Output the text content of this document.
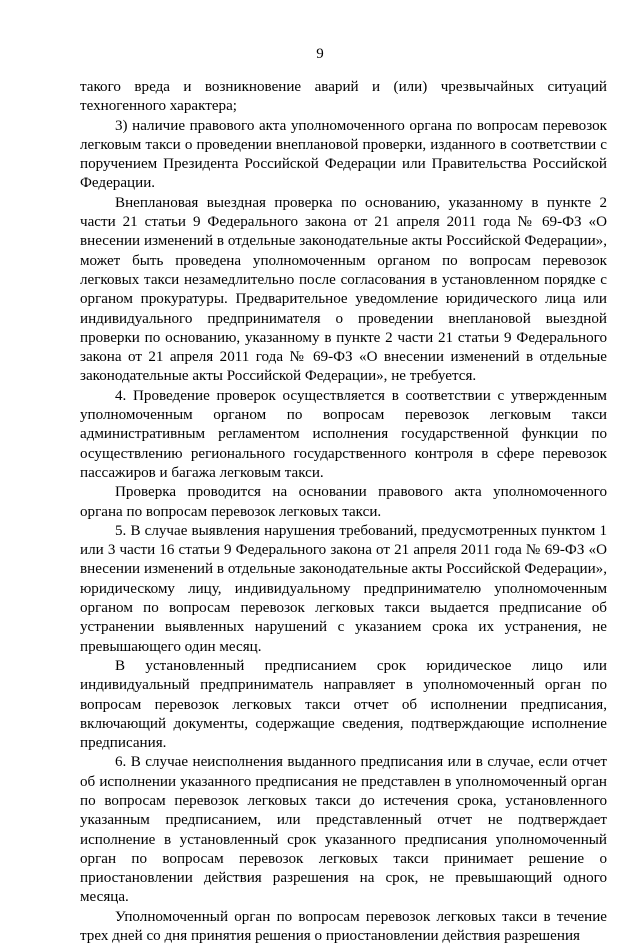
9

такого вреда и возникновение аварий и (или) чрезвычайных ситуаций техногенного характера;

3) наличие правового акта уполномоченного органа по вопросам перевозок легковым такси о проведении внеплановой проверки, изданного в соответствии с поручением Президента Российской Федерации или Правительства Российской Федерации.

Внеплановая выездная проверка по основанию, указанному в пункте 2 части 21 статьи 9 Федерального закона от 21 апреля 2011 года № 69-ФЗ «О внесении изменений в отдельные законодательные акты Российской Федерации», может быть проведена уполномоченным органом по вопросам перевозок легковых такси незамедлительно после согласования в установленном порядке с органом прокуратуры. Предварительное уведомление юридического лица или индивидуального предпринимателя о проведении внеплановой выездной проверки по основанию, указанному в пункте 2 части 21 статьи 9 Федерального закона от 21 апреля 2011 года № 69-ФЗ «О внесении изменений в отдельные законодательные акты Российской Федерации», не требуется.

4. Проведение проверок осуществляется в соответствии с утвержденным уполномоченным органом по вопросам перевозок легковым такси административным регламентом исполнения государственной функции по осуществлению регионального государственного контроля в сфере перевозок пассажиров и багажа легковым такси.

Проверка проводится на основании правового акта уполномоченного органа по вопросам перевозок легковых такси.

5. В случае выявления нарушения требований, предусмотренных пунктом 1 или 3 части 16 статьи 9 Федерального закона от 21 апреля 2011 года № 69-ФЗ «О внесении изменений в отдельные законодательные акты Российской Федерации», юридическому лицу, индивидуальному предпринимателю уполномоченным органом по вопросам перевозок легковых такси выдается предписание об устранении выявленных нарушений с указанием срока их устранения, не превышающего один месяц.

В установленный предписанием срок юридическое лицо или индивидуальный предприниматель направляет в уполномоченный орган по вопросам перевозок легковых такси отчет об исполнении предписания, включающий документы, содержащие сведения, подтверждающие исполнение предписания.

6. В случае неисполнения выданного предписания или в случае, если отчет об исполнении указанного предписания не представлен в уполномоченный орган по вопросам перевозок легковых такси до истечения срока, установленного указанным предписанием, или представленный отчет не подтверждает исполнение в установленный срок указанного предписания уполномоченный орган по вопросам перевозок легковых такси принимает решение о приостановлении действия разрешения на срок, не превышающий одного месяца.

Уполномоченный орган по вопросам перевозок легковых такси в течение трех дней со дня принятия решения о приостановлении действия разрешения
